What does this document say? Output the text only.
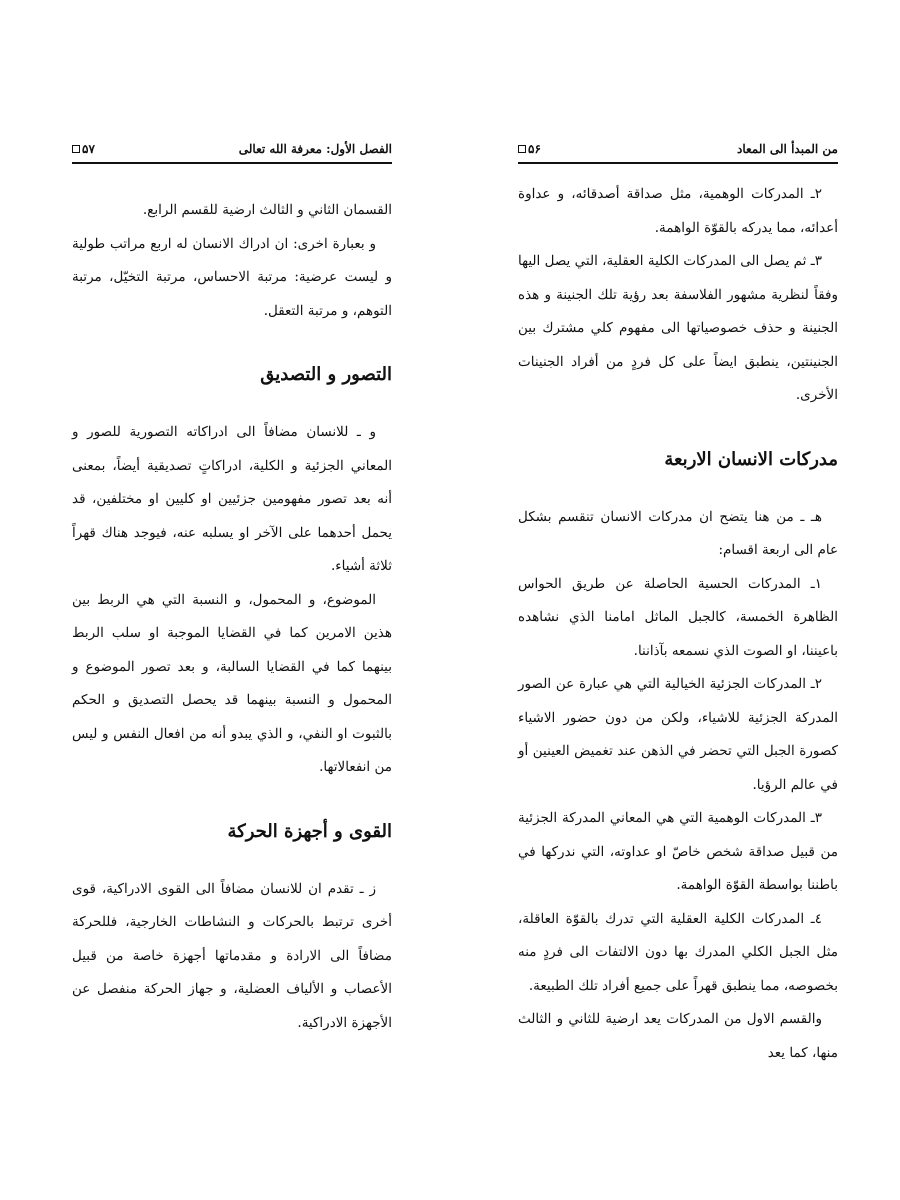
من المبدأ الى المعاد
۵۶

٢ـ المدركات الوهمية، مثل صداقة أصدقائه، و عداوة أعدائه، مما يدركه بالقوّة الواهمة.

٣ـ ثم يصل الى المدركات الكلية العقلية، التي يصل اليها وفقاً لنظرية مشهور الفلاسفة بعد رؤية تلك الجنينة و هذه الجنينة و حذف خصوصياتها الى مفهوم كلي مشترك بين الجنينتين، ينطبق ايضاً على كل فردٍ من أفراد الجنينات الأخرى.

مدركات الانسان الاربعة

هـ ـ من هنا يتضح ان مدركات الانسان تنقسم بشكل عام الى اربعة اقسام:

١ـ المدركات الحسية الحاصلة عن طريق الحواس الظاهرة الخمسة، كالجبل الماثل امامنا الذي نشاهده باعيننا، او الصوت الذي نسمعه بآذاننا.

٢ـ المدركات الجزئية الخيالية التي هي عبارة عن الصور المدركة الجزئية للاشياء، ولكن من دون حضور الاشياء كصورة الجبل التي تحضر في الذهن عند تغميض العينين أو في عالم الرؤيا.

٣ـ المدركات الوهمية التي هي المعاني المدركة الجزئية من قبيل صداقة شخص خاصّ او عداوته، التي ندركها في باطننا بواسطة القوّة الواهمة.

٤ـ المدركات الكلية العقلية التي تدرك بالقوّة العاقلة، مثل الجبل الكلي المدرك بها دون الالتفات الى فردٍ منه بخصوصه، مما ينطبق قهراً على جميع أفراد تلك الطبيعة.

والقسم الاول من المدركات يعد ارضية للثاني و الثالث منها، كما يعد

الفصل الأول: معرفة الله تعالى
۵۷

القسمان الثاني و الثالث ارضية للقسم الرابع.

و بعبارة اخرى: ان ادراك الانسان له اربع مراتب طولية و ليست عرضية: مرتبة الاحساس، مرتبة التخيّل، مرتبة التوهم، و مرتبة التعقل.

التصور و التصديق

و ـ للانسان مضافاً الى ادراكاته التصورية للصور و المعاني الجزئية و الكلية، ادراكاتٍ تصديقية أيضاً، بمعنى أنه بعد تصور مفهومين جزئيين او كليين او مختلفين، قد يحمل أحدهما على الآخر او يسلبه عنه، فيوجد هناك قهراً ثلاثة أشياء.

الموضوع، و المحمول، و النسبة التي هي الربط بين هذين الامرين كما في القضايا الموجبة او سلب الربط بينهما كما في القضايا السالبة، و بعد تصور الموضوع و المحمول و النسبة بينهما قد يحصل التصديق و الحكم بالثبوت او النفي، و الذي يبدو أنه من افعال النفس و ليس من انفعالاتها.

القوى و أجهزة الحركة

ز ـ تقدم ان للانسان مضافاً الى القوى الادراكية، قوى أخرى ترتبط بالحركات و النشاطات الخارجية، فللحركة مضافاً الى الارادة و مقدماتها أجهزة خاصة من قبيل الأعصاب و الألياف العضلية، و جهاز الحركة منفصل عن الأجهزة الادراكية.
